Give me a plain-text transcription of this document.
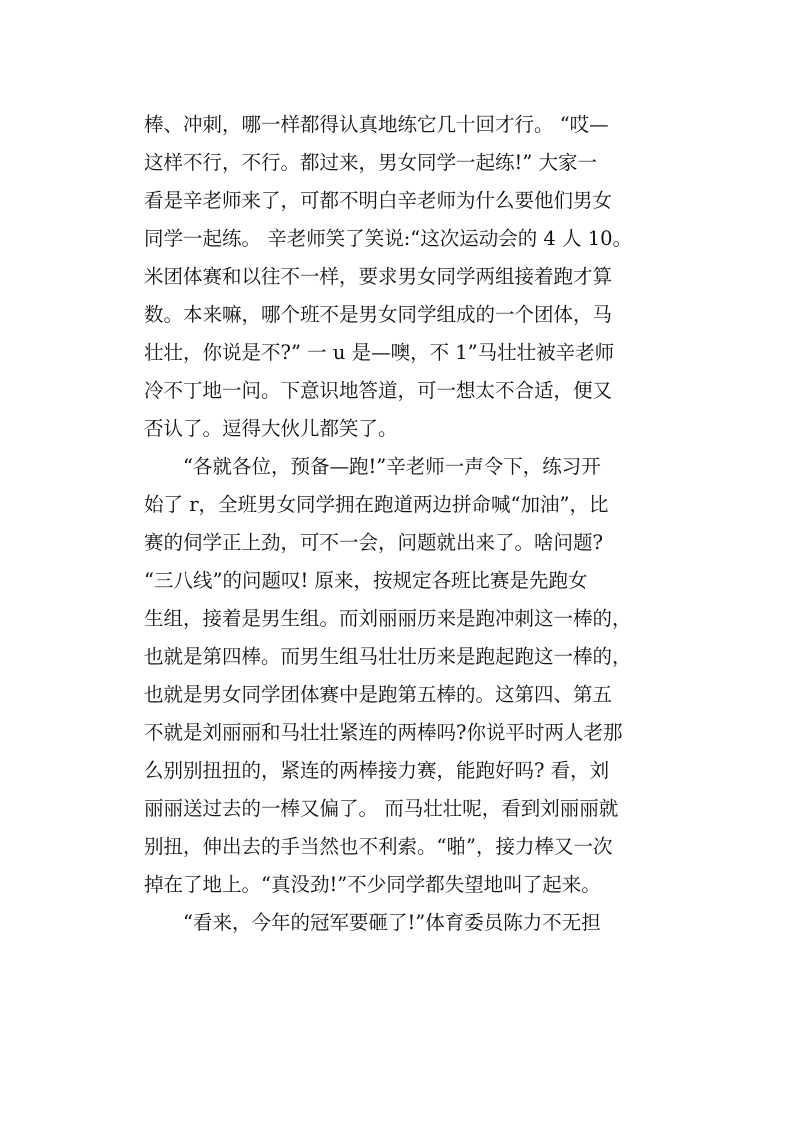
棒、冲刺，哪一样都得认真地练它几十回才行。 “哎—
这样不行，不行。都过来，男女同学一起练!” 大家一
看是辛老师来了，可都不明白辛老师为什么要他们男女
同学一起练。 辛老师笑了笑说:“这次运动会的 4 人 10。
米团体赛和以往不一样，要求男女同学两组接着跑才算
数。本来嘛，哪个班不是男女同学组成的一个团体，马
壮壮，你说是不?” 一 u 是—噢，不 1”马壮壮被辛老师
冷不丁地一问。下意识地答道，可一想太不合适，便又
否认了。逗得大伙儿都笑了。
“各就各位，预备—跑!”辛老师一声令下，练习开
始了 r，全班男女同学拥在跑道两边拼命喊“加油”，比
赛的伺学正上劲，可不一会，问题就出来了。啥问题?
“三八线”的问题叹! 原来，按规定各班比赛是先跑女
生组，接着是男生组。而刘丽丽历来是跑冲刺这一棒的，
也就是第四棒。而男生组马壮壮历来是跑起跑这一棒的，
也就是男女同学团体赛中是跑第五棒的。这第四、第五
不就是刘丽丽和马壮壮紧连的两棒吗?你说平时两人老那
么别别扭扭的，紧连的两棒接力赛，能跑好吗? 看，刘
丽丽送过去的一棒又偏了。 而马壮壮呢，看到刘丽丽就
别扭，伸出去的手当然也不利索。“啪”，接力棒又一次
掉在了地上。“真没劲!”不少同学都失望地叫了起来。
“看来，今年的冠军要砸了!”体育委员陈力不无担
